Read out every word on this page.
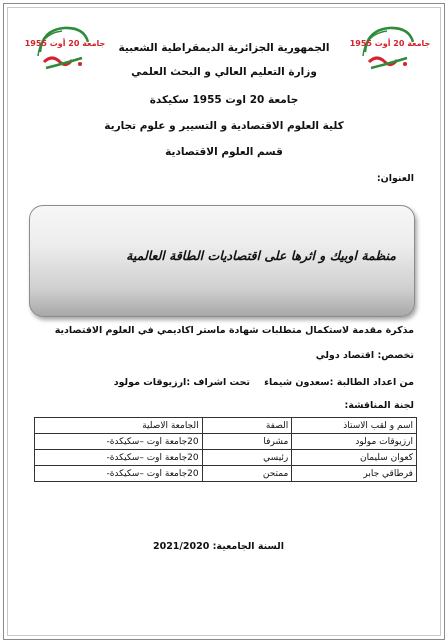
جامعة 20 أوت 1955	جامعة 20 أوت 1955
الجمهورية الجزائرية الديمقراطية الشعبية
وزارة التعليم العالي و البحث العلمي
جامعة 20 اوت 1955 سكيكدة
كلية العلوم الاقتصادية و التسيير و علوم تجارية
قسم العلوم الاقتصادية
العنوان:
منظمة اوبيك و اثرها على اقتصاديات الطاقة العالمية
مذكرة مقدمة لاستكمال متطلبات شهادة ماستر اكاديمي في العلوم الاقتصادية
تخصص: اقتصاد دولي
من اعداد الطالبة :سعدون شيماء
تحت اشراف :ارزيوقات مولود
لجنة المناقشة:
اسم و لقب الاستاذ	الصفة	الجامعة الاصلية
ارزيوقات مولود	مشرفا	20جامعة اوت –سكيكدة-
كعوان سليمان	رئيسي	20جامعة اوت –سكيكدة-
فرطاقي جابر	ممتحن	20جامعة اوت –سكيكدة-
السنة الجامعية: 2021/2020
